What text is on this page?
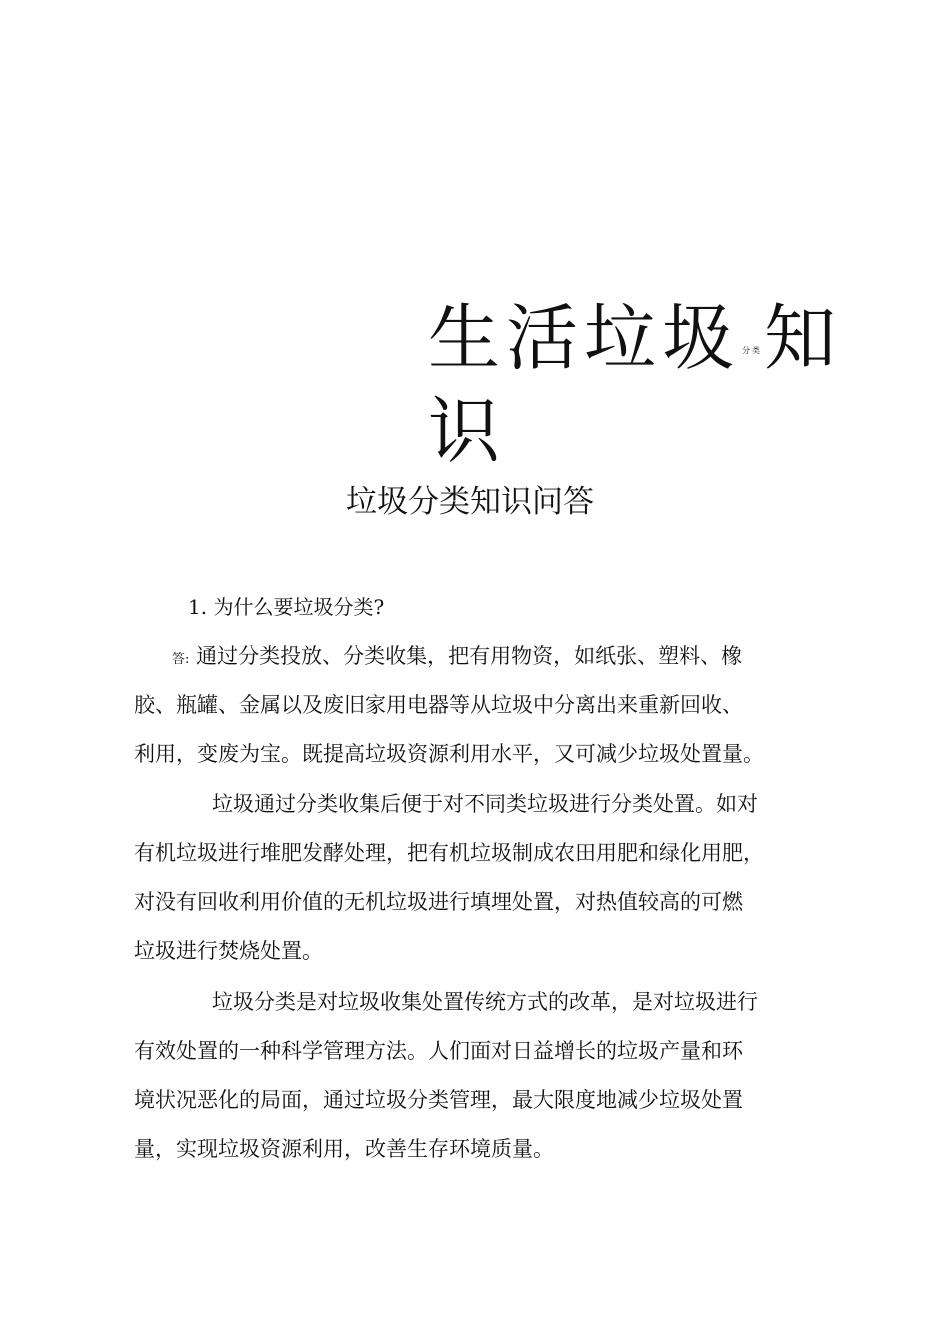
生活垃圾 分类知
识
垃圾分类知识问答
1. 为什么要垃圾分类?
答: 通过分类投放、分类收集，把有用物资，如纸张、塑料、橡
胶、瓶罐、金属以及废旧家用电器等从垃圾中分离出来重新回收、
利用，变废为宝。既提高垃圾资源利用水平，又可减少垃圾处置量。
垃圾通过分类收集后便于对不同类垃圾进行分类处置。如对
有机垃圾进行堆肥发酵处理，把有机垃圾制成农田用肥和绿化用肥，
对没有回收利用价值的无机垃圾进行填埋处置，对热值较高的可燃
垃圾进行焚烧处置。
垃圾分类是对垃圾收集处置传统方式的改革，是对垃圾进行
有效处置的一种科学管理方法。人们面对日益增长的垃圾产量和环
境状况恶化的局面，通过垃圾分类管理，最大限度地减少垃圾处置
量，实现垃圾资源利用，改善生存环境质量。
